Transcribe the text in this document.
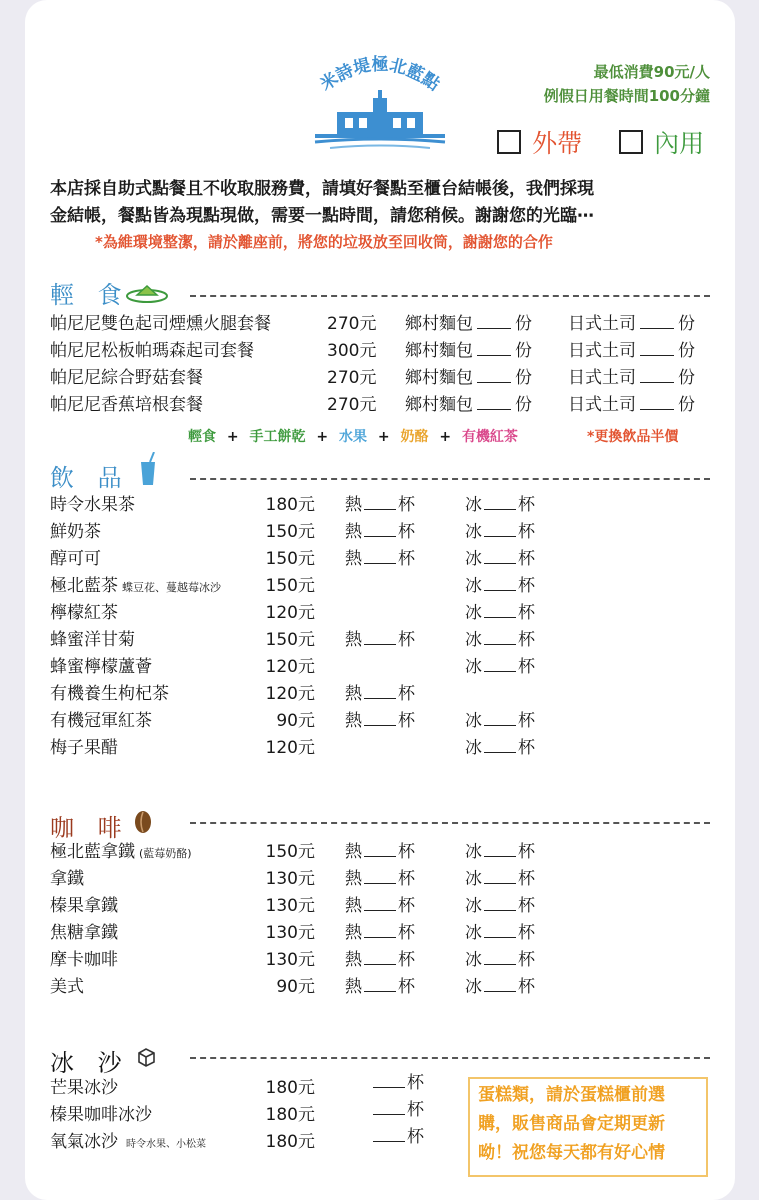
米詩堤極北藍點	最低消費90元/人
例假日用餐時間100分鐘
外帶	內用
本店採自助式點餐且不收取服務費，請填好餐點至櫃台結帳後，我們採現
金結帳，餐點皆為現點現做，需要一點時間，請您稍候。謝謝您的光臨⋯
*為維環境整潔，請於離座前，將您的垃圾放至回收筒，謝謝您的合作
輕 食
輕食 + 手工餅乾 + 水果 + 奶酪 + 有機紅茶	*更換飲品半價
飲 品
咖 啡
冰 沙
蛋糕類，請於蛋糕櫃前選購，販售商品會定期更新呦！祝您每天都有好心情
帕尼尼雙色起司煙燻火腿套餐	270元 鄉村麵包 份 日式土司 份
帕尼尼松板帕瑪森起司套餐	300元 鄉村麵包 份 日式土司 份
帕尼尼綜合野菇套餐	270元 鄉村麵包 份 日式土司 份
帕尼尼香蕉培根套餐	270元 鄉村麵包 份 日式土司 份
時令水果茶	180元 熱 杯	冰 杯
鮮奶茶	150元 熱 杯	冰 杯
醇可可	150元 熱 杯	冰 杯
極北藍茶 蝶豆花、蔓越莓冰沙	150元	冰 杯
檸檬紅茶	120元	冰 杯
蜂蜜洋甘菊	150元 熱 杯	冰 杯
蜂蜜檸檬蘆薈	120元	冰 杯
有機養生枸杞茶	120元 熱 杯
有機冠軍紅茶	90元 熱 杯	冰 杯
梅子果醋	120元	冰 杯
極北藍拿鐵 (藍莓奶酪)	150元 熱 杯	冰 杯
拿鐵	130元 熱 杯	冰 杯
榛果拿鐵	130元 熱 杯	冰 杯
焦糖拿鐵	130元 熱 杯	冰 杯
摩卡咖啡	130元 熱 杯	冰 杯
美式	90元 熱 杯	冰 杯
芒果冰沙	180元	杯
榛果咖啡冰沙	180元	杯
氧氣冰沙 時令水果、小松菜	180元	杯
